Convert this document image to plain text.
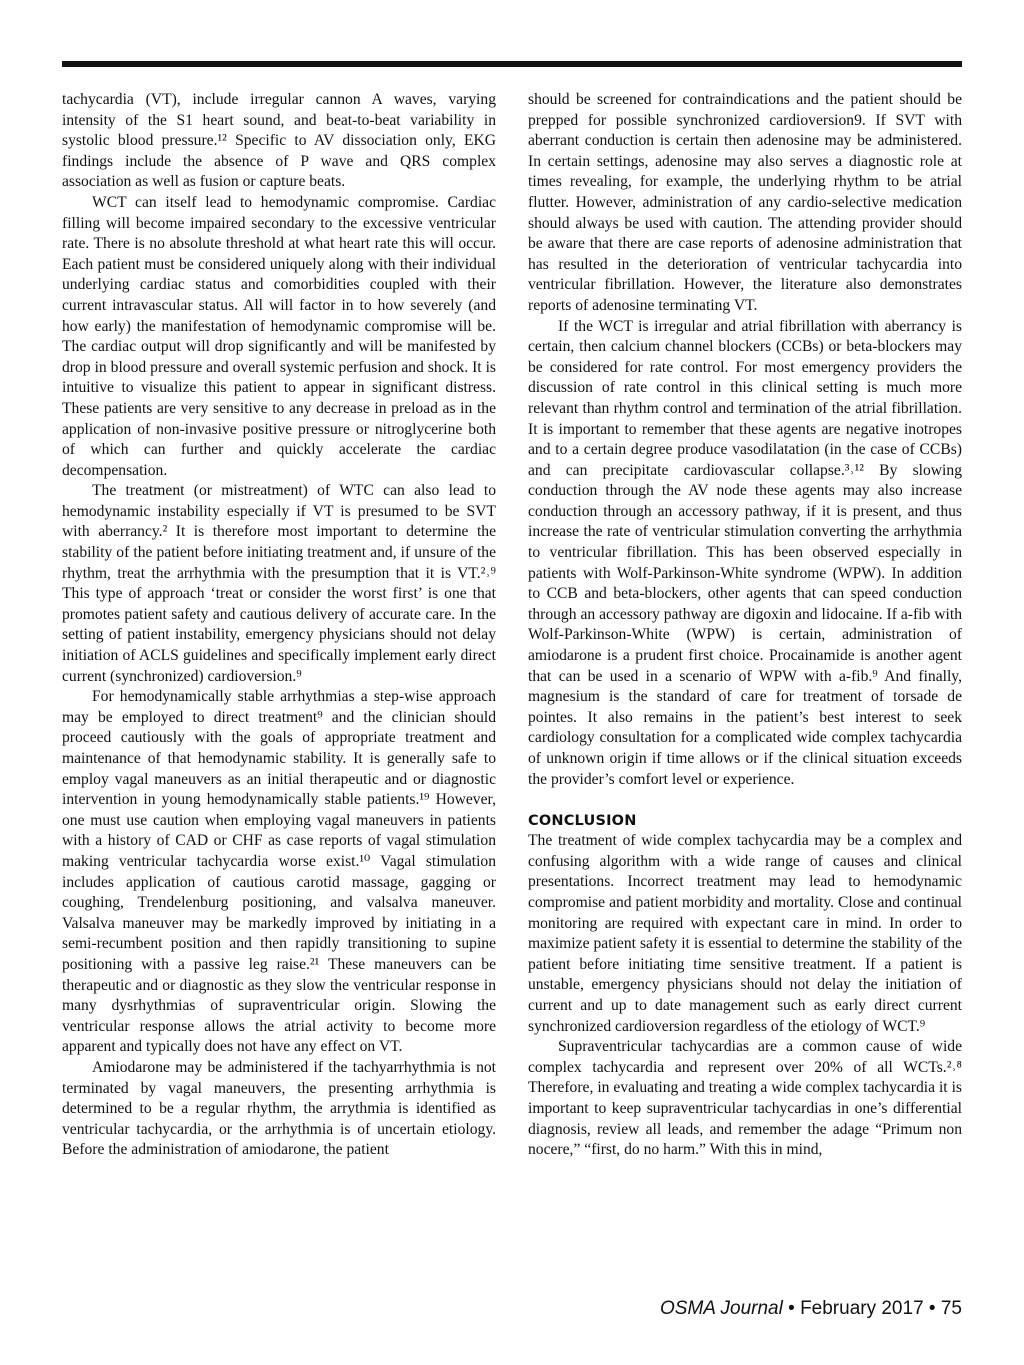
tachycardia (VT), include irregular cannon A waves, varying intensity of the S1 heart sound, and beat-to-beat variability in systolic blood pressure.¹² Specific to AV dissociation only, EKG findings include the absence of P wave and QRS complex association as well as fusion or capture beats.

WCT can itself lead to hemodynamic compromise. Cardiac filling will become impaired secondary to the excessive ventricular rate. There is no absolute threshold at what heart rate this will occur. Each patient must be considered uniquely along with their individual underlying cardiac status and comorbidities coupled with their current intravascular status. All will factor in to how severely (and how early) the manifestation of hemodynamic compromise will be. The cardiac output will drop significantly and will be manifested by drop in blood pressure and overall systemic perfusion and shock. It is intuitive to visualize this patient to appear in significant distress. These patients are very sensitive to any decrease in preload as in the application of non-invasive positive pressure or nitroglycerine both of which can further and quickly accelerate the cardiac decompensation.

The treatment (or mistreatment) of WTC can also lead to hemodynamic instability especially if VT is presumed to be SVT with aberrancy.² It is therefore most important to determine the stability of the patient before initiating treatment and, if unsure of the rhythm, treat the arrhythmia with the presumption that it is VT.²˒⁹ This type of approach ‘treat or consider the worst first’ is one that promotes patient safety and cautious delivery of accurate care. In the setting of patient instability, emergency physicians should not delay initiation of ACLS guidelines and specifically implement early direct current (synchronized) cardioversion.⁹

For hemodynamically stable arrhythmias a step-wise approach may be employed to direct treatment⁹ and the clinician should proceed cautiously with the goals of appropriate treatment and maintenance of that hemodynamic stability. It is generally safe to employ vagal maneuvers as an initial therapeutic and or diagnostic intervention in young hemodynamically stable patients.¹⁹ However, one must use caution when employing vagal maneuvers in patients with a history of CAD or CHF as case reports of vagal stimulation making ventricular tachycardia worse exist.¹⁰ Vagal stimulation includes application of cautious carotid massage, gagging or coughing, Trendelenburg positioning, and valsalva maneuver. Valsalva maneuver may be markedly improved by initiating in a semi-recumbent position and then rapidly transitioning to supine positioning with a passive leg raise.²¹ These maneuvers can be therapeutic and or diagnostic as they slow the ventricular response in many dysrhythmias of supraventricular origin. Slowing the ventricular response allows the atrial activity to become more apparent and typically does not have any effect on VT.

Amiodarone may be administered if the tachyarrhythmia is not terminated by vagal maneuvers, the presenting arrhythmia is determined to be a regular rhythm, the arrythmia is identified as ventricular tachycardia, or the arrhythmia is of uncertain etiology. Before the administration of amiodarone, the patient

should be screened for contraindications and the patient should be prepped for possible synchronized cardioversion9. If SVT with aberrant conduction is certain then adenosine may be administered. In certain settings, adenosine may also serves a diagnostic role at times revealing, for example, the underlying rhythm to be atrial flutter. However, administration of any cardio-selective medication should always be used with caution. The attending provider should be aware that there are case reports of adenosine administration that has resulted in the deterioration of ventricular tachycardia into ventricular fibrillation. However, the literature also demonstrates reports of adenosine terminating VT.

If the WCT is irregular and atrial fibrillation with aberrancy is certain, then calcium channel blockers (CCBs) or beta-blockers may be considered for rate control. For most emergency providers the discussion of rate control in this clinical setting is much more relevant than rhythm control and termination of the atrial fibrillation. It is important to remember that these agents are negative inotropes and to a certain degree produce vasodilatation (in the case of CCBs) and can precipitate cardiovascular collapse.³˒¹² By slowing conduction through the AV node these agents may also increase conduction through an accessory pathway, if it is present, and thus increase the rate of ventricular stimulation converting the arrhythmia to ventricular fibrillation. This has been observed especially in patients with Wolf-Parkinson-White syndrome (WPW). In addition to CCB and beta-blockers, other agents that can speed conduction through an accessory pathway are digoxin and lidocaine. If a-fib with Wolf-Parkinson-White (WPW) is certain, administration of amiodarone is a prudent first choice. Procainamide is another agent that can be used in a scenario of WPW with a-fib.⁹ And finally, magnesium is the standard of care for treatment of torsade de pointes. It also remains in the patient’s best interest to seek cardiology consultation for a complicated wide complex tachycardia of unknown origin if time allows or if the clinical situation exceeds the provider’s comfort level or experience.

CONCLUSION

The treatment of wide complex tachycardia may be a complex and confusing algorithm with a wide range of causes and clinical presentations. Incorrect treatment may lead to hemodynamic compromise and patient morbidity and mortality. Close and continual monitoring are required with expectant care in mind. In order to maximize patient safety it is essential to determine the stability of the patient before initiating time sensitive treatment. If a patient is unstable, emergency physicians should not delay the initiation of current and up to date management such as early direct current synchronized cardioversion regardless of the etiology of WCT.⁹

Supraventricular tachycardias are a common cause of wide complex tachycardia and represent over 20% of all WCTs.²˒⁸ Therefore, in evaluating and treating a wide complex tachycardia it is important to keep supraventricular tachycardias in one’s differential diagnosis, review all leads, and remember the adage “Primum non nocere,” “first, do no harm.” With this in mind,

OSMA Journal • February 2017 • 75
